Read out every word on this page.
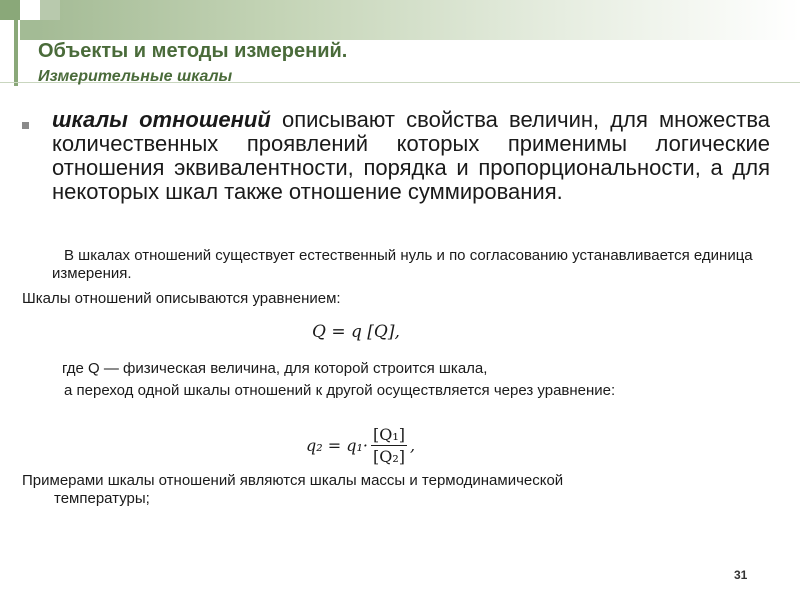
Объекты и методы измерений.
Измерительные шкалы

шкалы отношений описывают свойства величин, для множества количественных проявлений которых применимы логические отношения эквивалентности, порядка и пропорциональности, а для некоторых шкал также отношение суммирования.

В шкалах отношений существует естественный нуль и по согласованию устанавливается единица измерения.

Шкалы отношений описываются уравнением:

Q = q [Q],

где Q — физическая величина, для которой строится шкала,

а переход одной шкалы отношений к другой осуществляется через уравнение:

$q_2 = q_1\cdot \frac{\text{[Q₁]}}{\text{[Q₂]}}$ ,

Примерами шкалы отношений являются шкалы массы и термодинамической
температуры;

31
